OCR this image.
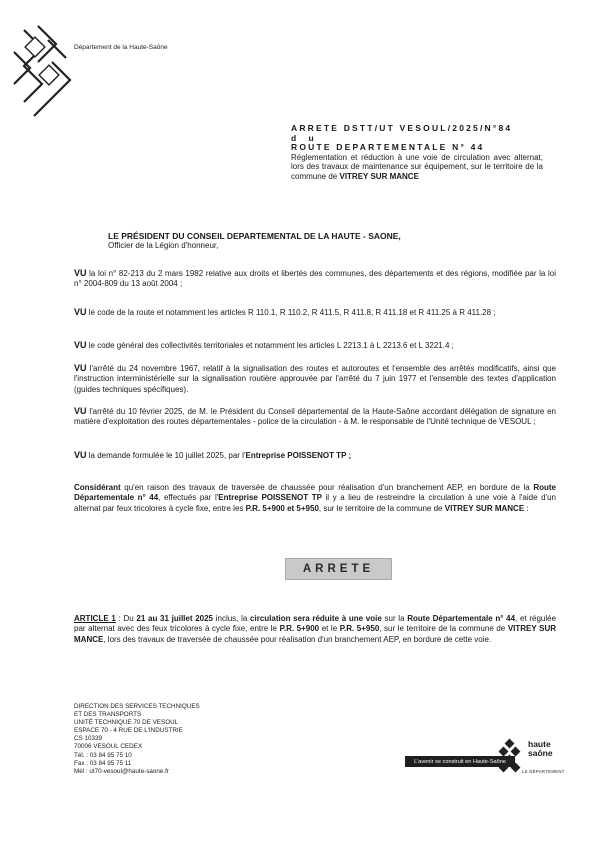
Département de la Haute-Saône
ARRETE DSTT/UT VESOUL/2025/N°84
d u
ROUTE DEPARTEMENTALE N° 44
Réglementation et réduction à une voie de circulation avec alternat, lors des travaux de maintenance sur équipement, sur le territoire de la commune de VITREY SUR MANCE
LE PRÉSIDENT DU CONSEIL DEPARTEMENTAL DE LA HAUTE - SAONE,
Officier de la Légion d'honneur,
VU la loi n° 82-213 du 2 mars 1982 relative aux droits et libertés des communes, des départements et des régions, modifiée par la loi n° 2004-809 du 13 août 2004 ;
VU le code de la route et notamment les articles R 110.1, R 110.2, R 411.5, R 411.8, R 411.18 et R 411.25 à R 411.28 ;
VU le code général des collectivités territoriales et notamment les articles L 2213.1 à L 2213.6 et L 3221.4 ;
VU l'arrêté du 24 novembre 1967, relatif à la signalisation des routes et autoroutes et l'ensemble des arrêtés modificatifs, ainsi que l'instruction interministérielle sur la signalisation routière approuvée par l'arrêté du 7 juin 1977 et l'ensemble des textes d'application (guides techniques spécifiques).
VU l'arrêté du 10 février 2025, de M. le Président du Conseil départemental de la Haute-Saône accordant délégation de signature en matière d'exploitation des routes départementales - police de la circulation - à M. le responsable de l'Unité technique de VESOUL ;
VU la demande formulée le 10 juillet 2025, par l'Entreprise POISSENOT TP ;
Considérant qu'en raison des travaux de traversée de chaussée pour réalisation d'un branchement AEP, en bordure de la Route Départementale n° 44, effectués par l'Entreprise POISSENOT TP il y a lieu de restreindre la circulation à une voie à l'aide d'un alternat par feux tricolores à cycle fixe, entre les P.R. 5+900 et 5+950, sur le territoire de la commune de VITREY SUR MANCE :
ARRETE
ARTICLE 1 : Du 21 au 31 juillet 2025 inclus, la circulation sera réduite à une voie sur la Route Départementale n° 44, et régulée par alternat avec des feux tricolores à cycle fixe, entre le P.R. 5+900 et le P.R. 5+950, sur le territoire de la commune de VITREY SUR MANCE, lors des travaux de traversée de chaussée pour réalisation d'un branchement AEP, en bordure de cette voie.
DIRECTION DES SERVICES TECHNIQUES
ET DES TRANSPORTS
UNITÉ TECHNIQUE 70 DE VESOUL
ESPACE 70 - 4 RUE DE L'INDUSTRIE
CS 10339
70006 VESOUL CEDEX
Tél. : 03 84 95 75 10
Fax : 03 84 95 75 11
Mél : ut70-vesoul@haute-saone.fr
L'avenir se construit en Haute-Saône
haute
saône
LE DÉPARTEMENT
